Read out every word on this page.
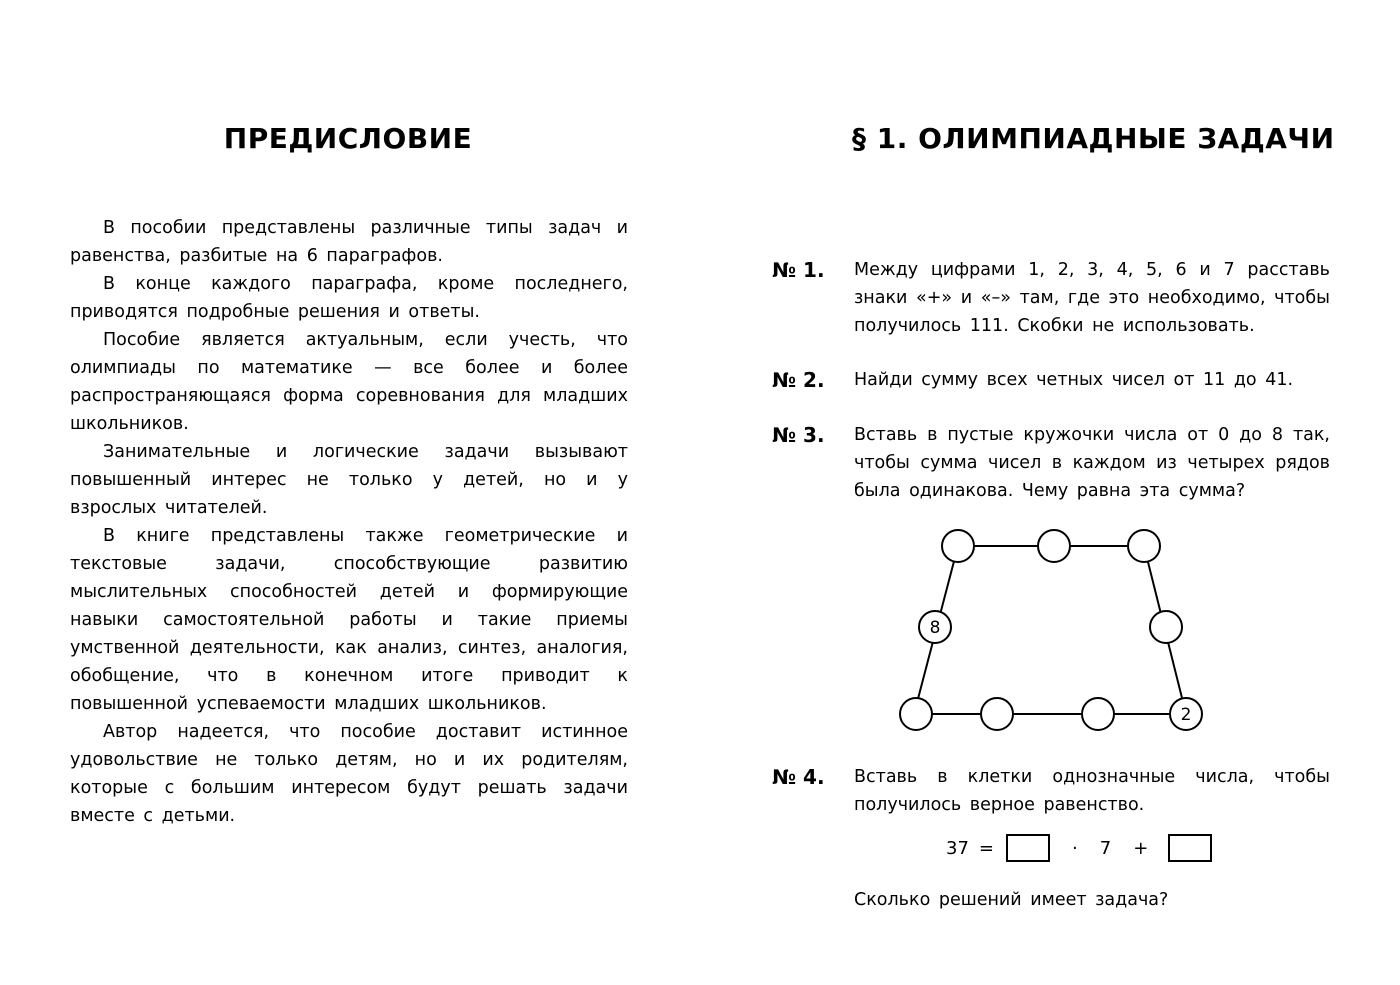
ПРЕДИСЛОВИЕ

В пособии представлены различные типы задач и равенства, разбитые на 6 параграфов.

В конце каждого параграфа, кроме последнего, приводятся подробные решения и ответы.

Пособие является актуальным, если учесть, что олимпиады по математике — все более и более распространяющаяся форма соревнования для младших школьников.

Занимательные и логические задачи вызывают повышенный интерес не только у детей, но и у взрослых читателей.

В книге представлены также геометрические и текстовые задачи, способствующие развитию мыслительных способностей детей и формирующие навыки самостоятельной работы и такие приемы умственной деятельности, как анализ, синтез, аналогия, обобщение, что в конечном итоге приводит к повышенной успеваемости младших школьников.

Автор надеется, что пособие доставит истинное удовольствие не только детям, но и их родителям, которые с большим интересом будут решать задачи вместе с детьми.

§ 1. ОЛИМПИАДНЫЕ ЗАДАЧИ
№ 1. Между цифрами 1, 2, 3, 4, 5, 6 и 7 расставь знаки «+» и «–» там, где это необходимо, чтобы получилось 111. Скобки не использовать.
№ 2. Найди сумму всех четных чисел от 11 до 41.
№ 3. Вставь в пустые кружочки числа от 0 до 8 так, чтобы сумма чисел в каждом из четырех рядов была одинакова. Чему равна эта сумма?
8
2
№ 4. Вставь в клетки однозначные числа, чтобы получилось верное равенство.
37 =	· 7 +
Сколько решений имеет задача?
